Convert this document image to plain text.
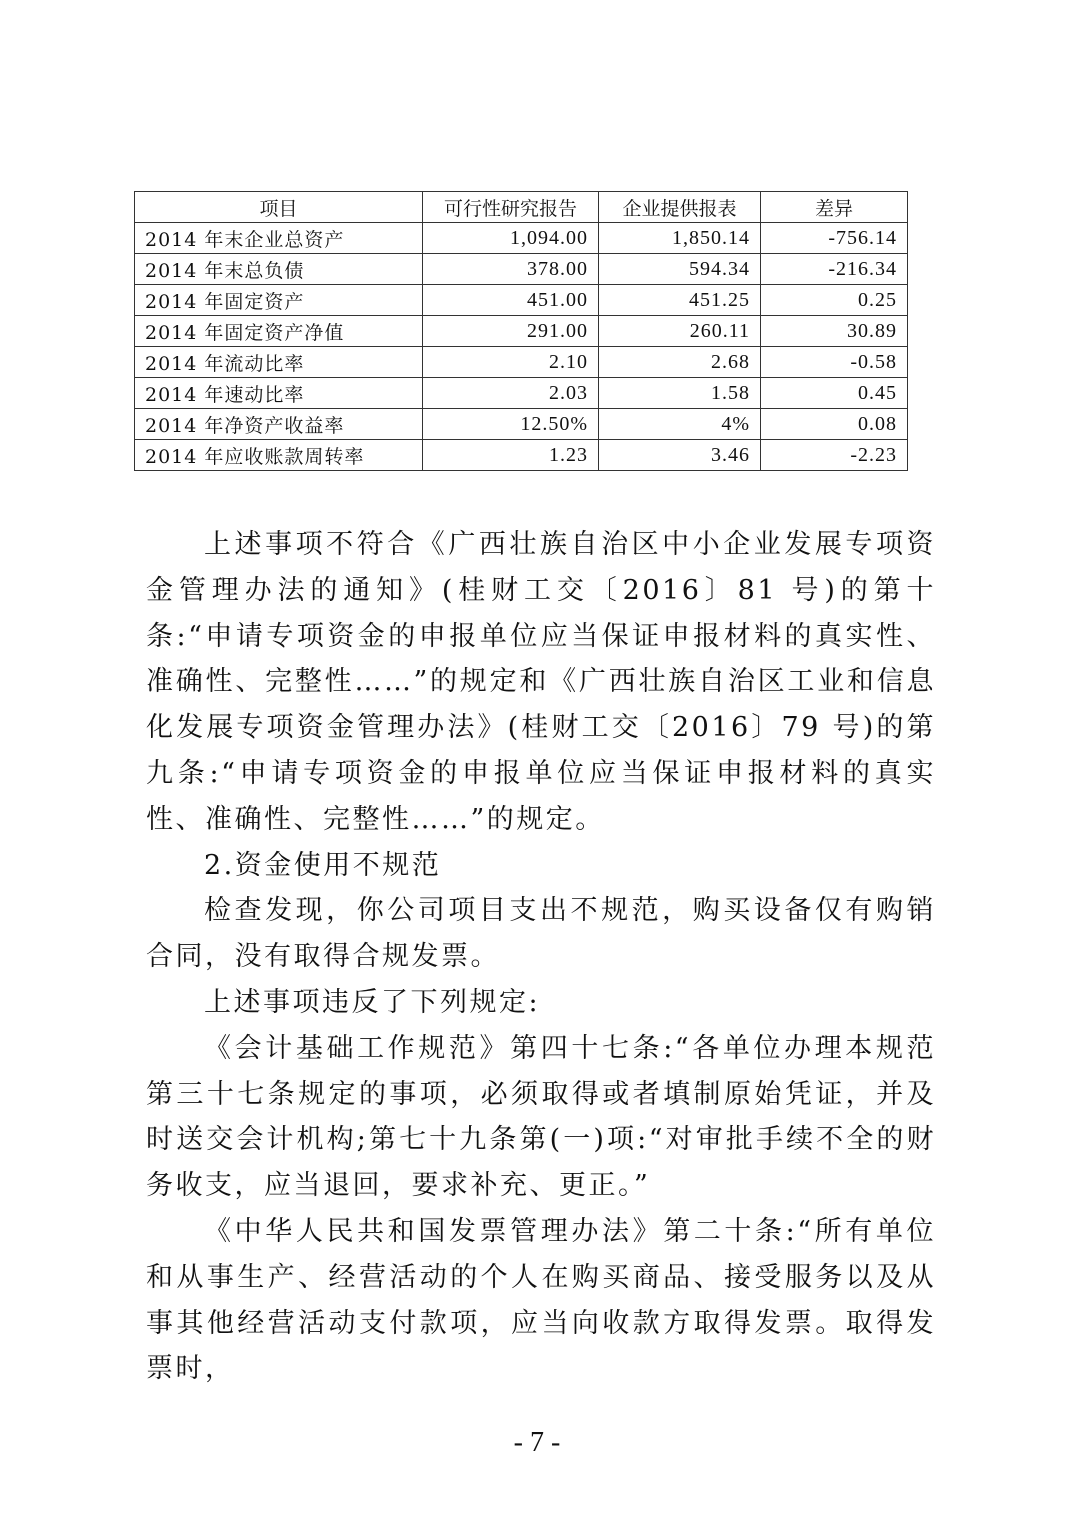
项目	可行性研究报告	企业提供报表	差异
2014 年末企业总资产	1,094.00	1,850.14	-756.14
2014 年末总负债	378.00	594.34	-216.34
2014 年固定资产	451.00	451.25	0.25
2014 年固定资产净值	291.00	260.11	30.89
2014 年流动比率	2.10	2.68	-0.58
2014 年速动比率	2.03	1.58	0.45
2014 年净资产收益率	12.50%	4%	0.08
2014 年应收账款周转率	1.23	3.46	-2.23

上述事项不符合《广西壮族自治区中小企业发展专项资金管理办法的通知》(桂财工交〔2016〕81 号)的第十条:“申请专项资金的申报单位应当保证申报材料的真实性、准确性、完整性……”的规定和《广西壮族自治区工业和信息化发展专项资金管理办法》(桂财工交〔2016〕79 号)的第九条:“申请专项资金的申报单位应当保证申报材料的真实性、准确性、完整性……”的规定。

2.资金使用不规范

检查发现，你公司项目支出不规范，购买设备仅有购销合同，没有取得合规发票。

上述事项违反了下列规定:

《会计基础工作规范》第四十七条:“各单位办理本规范第三十七条规定的事项，必须取得或者填制原始凭证，并及时送交会计机构;第七十九条第(一)项:“对审批手续不全的财务收支，应当退回，要求补充、更正。”

《中华人民共和国发票管理办法》第二十条:“所有单位和从事生产、经营活动的个人在购买商品、接受服务以及从事其他经营活动支付款项，应当向收款方取得发票。取得发票时，

- 7 -
